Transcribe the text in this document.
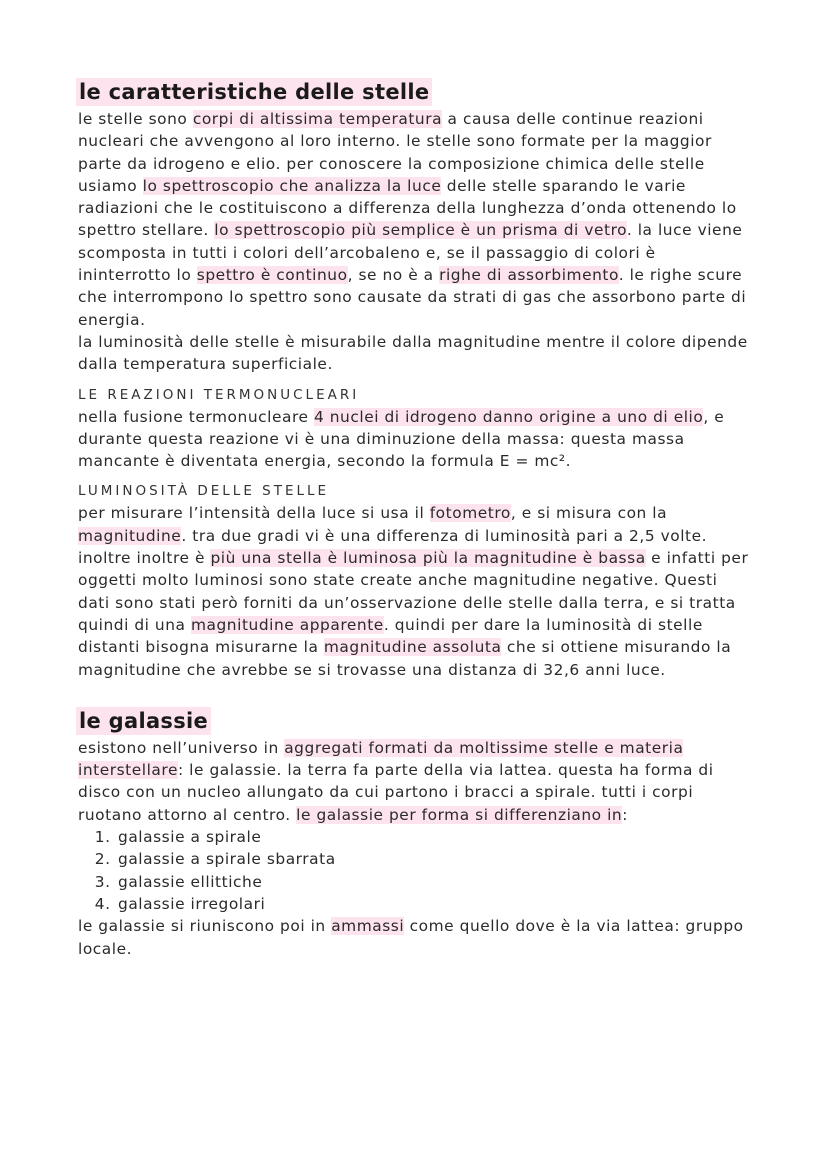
le caratteristiche delle stelle

le stelle sono corpi di altissima temperatura a causa delle continue reazioni nucleari che avvengono al loro interno. le stelle sono formate per la maggior parte da idrogeno e elio. per conoscere la composizione chimica delle stelle usiamo lo spettroscopio che analizza la luce delle stelle sparando le varie radiazioni che le costituiscono a differenza della lunghezza d’onda ottenendo lo spettro stellare. lo spettroscopio più semplice è un prisma di vetro. la luce viene scomposta in tutti i colori dell’arcobaleno e, se il passaggio di colori è ininterrotto lo spettro è continuo, se no è a righe di assorbimento. le righe scure che interrompono lo spettro sono causate da strati di gas che assorbono parte di energia.

la luminosità delle stelle è misurabile dalla magnitudine mentre il colore dipende dalla temperatura superficiale.

LE REAZIONI TERMONUCLEARI

nella fusione termonucleare 4 nuclei di idrogeno danno origine a uno di elio, e durante questa reazione vi è una diminuzione della massa: questa massa mancante è diventata energia, secondo la formula E = mc².

LUMINOSITÀ DELLE STELLE

per misurare l’intensità della luce si usa il fotometro, e si misura con la magnitudine. tra due gradi vi è una differenza di luminosità pari a 2,5 volte. inoltre inoltre è più una stella è luminosa più la magnitudine è bassa e infatti per oggetti molto luminosi sono state create anche magnitudine negative. Questi dati sono stati però forniti da un’osservazione delle stelle dalla terra, e si tratta quindi di una magnitudine apparente. quindi per dare la luminosità di stelle distanti bisogna misurarne la magnitudine assoluta che si ottiene misurando la magnitudine che avrebbe se si trovasse una distanza di 32,6 anni luce.

le galassie

esistono nell’universo in aggregati formati da moltissime stelle e materia interstellare: le galassie. la terra fa parte della via lattea. questa ha forma di disco con un nucleo allungato da cui partono i bracci a spirale. tutti i corpi ruotano attorno al centro. le galassie per forma si differenziano in:

1. galassie a spirale
2. galassie a spirale sbarrata
3. galassie ellittiche
4. galassie irregolari

le galassie si riuniscono poi in ammassi come quello dove è la via lattea: gruppo locale.
